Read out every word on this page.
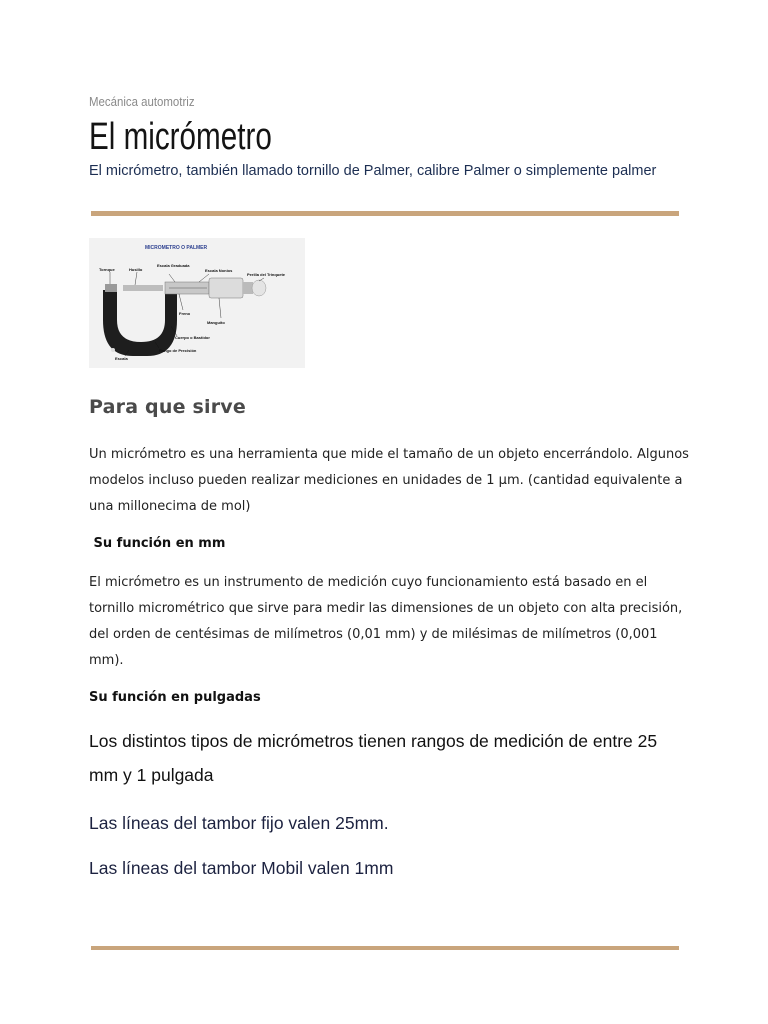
Mecánica automotriz
El micrómetro

El micrómetro, también llamado tornillo de Palmer, calibre Palmer o simplemente palmer

MICROMETRO O PALMER
Tornque	Husillo
Escala Graduada
Escala Nonios
Perilla del Trinquete
Freno
Manguito
Cuerpo o Bastidor
Rango de Precisión
Escala
Para que sirve

Un micrómetro es una herramienta que mide el tamaño de un objeto encerrándolo. Algunos modelos incluso pueden realizar mediciones en unidades de 1 µm. (cantidad equivalente a una millonecima de mol)

Su función en mm

El micrómetro es un instrumento de medición cuyo funcionamiento está basado en el tornillo micrométrico que sirve para medir las dimensiones de un objeto con alta precisión, del orden de centésimas de milímetros (0,01 mm) y de milésimas de milímetros (0,001 mm).

Su función en pulgadas

Los distintos tipos de micrómetros tienen rangos de medición de entre 25 mm y 1 pulgada

Las líneas del tambor fijo valen 25mm.

Las líneas del tambor Mobil valen 1mm
